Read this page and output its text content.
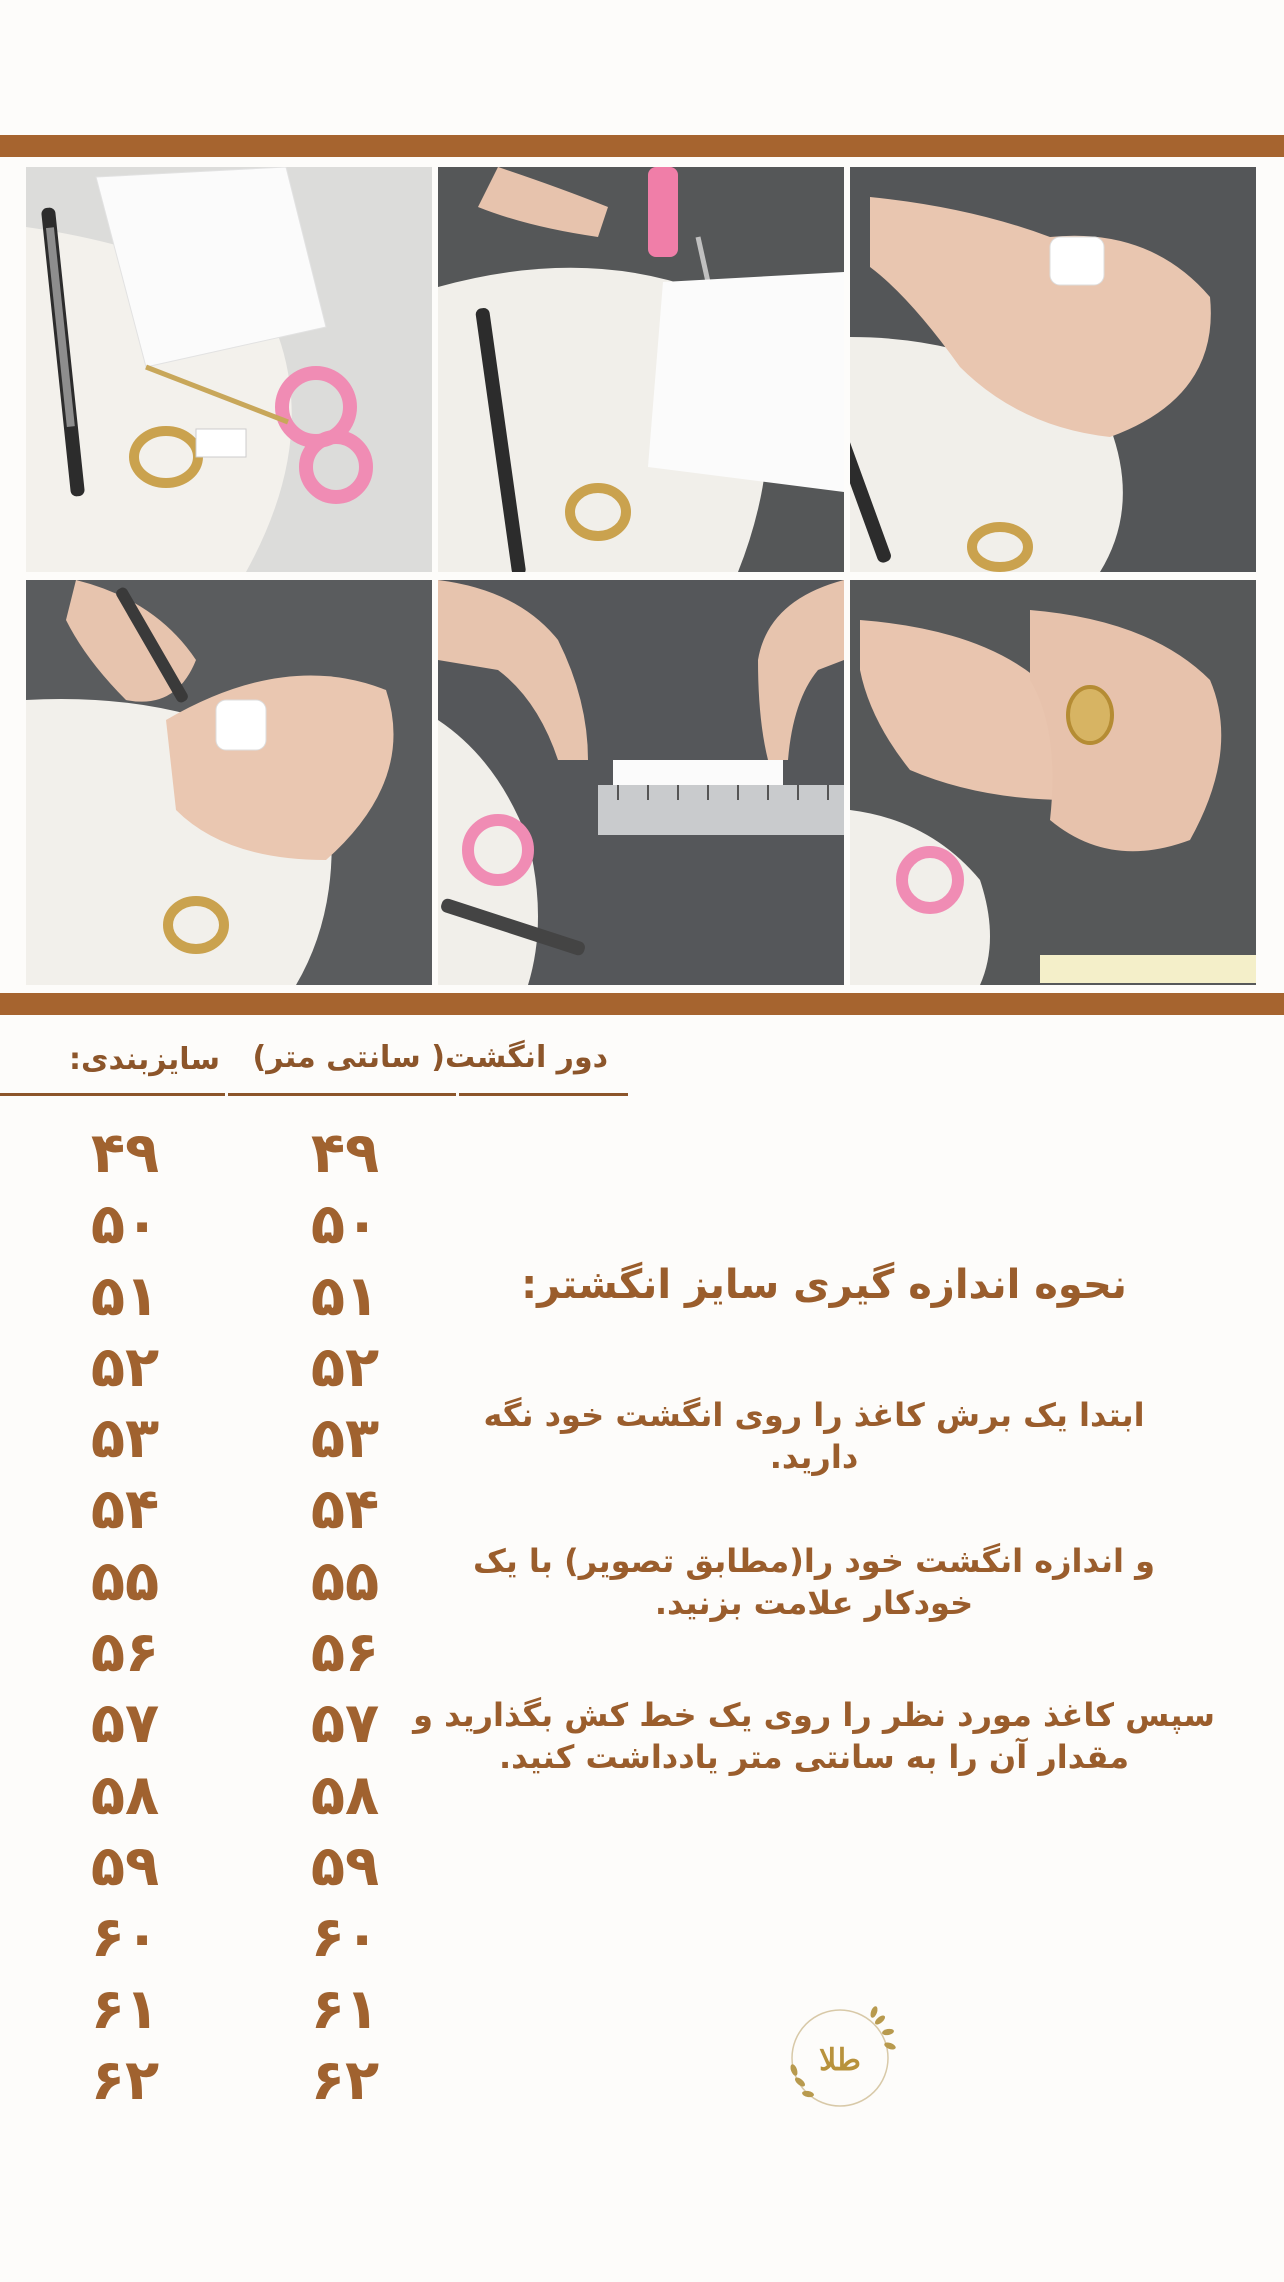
سایزبندی: دور انگشت( سانتی متر)
۴۹
۵۰
۵۱
۵۲
۵۳
۵۴
۵۵
۵۶
۵۷
۵۸
۵۹
۶۰
۶۱
۶۲
۴۹
۵۰
۵۱
۵۲
۵۳
۵۴
۵۵
۵۶
۵۷
۵۸
۵۹
۶۰
۶۱
۶۲
نحوه اندازه گیری سایز انگشتر:
ابتدا یک برش کاغذ را روی انگشت خود نگه دارید.
و اندازه انگشت خود را(مطابق تصویر) با یک خودکار علامت بزنید.
سپس کاغذ مورد نظر را روی یک خط کش بگذارید و مقدار آن را به سانتی متر یادداشت کنید.
طلا
